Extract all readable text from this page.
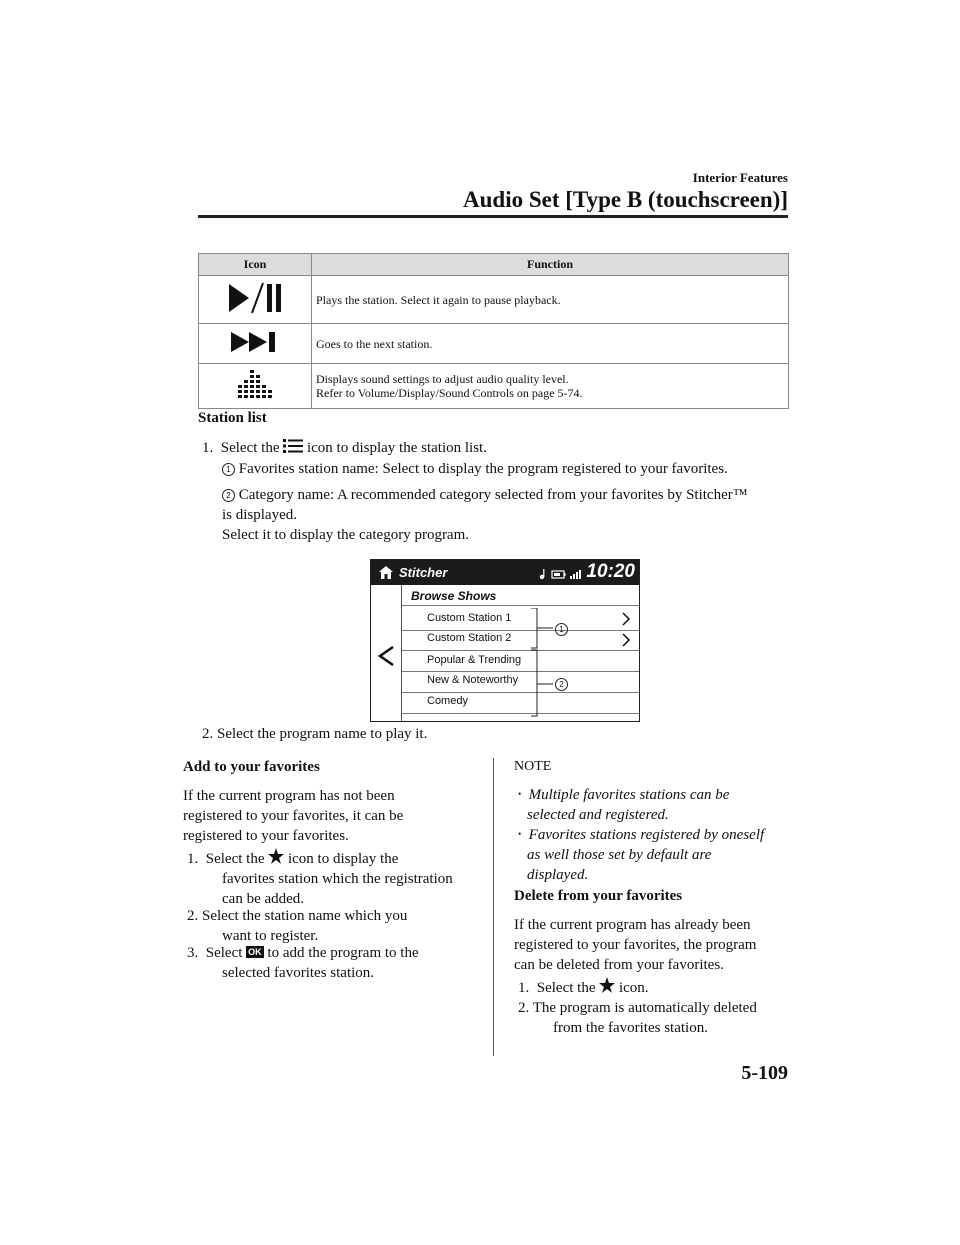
Interior Features
Audio Set [Type B (touchscreen)]
Icon	Function

Plays the station. Select it again to pause playback.

Goes to the next station.

Displays sound settings to adjust audio quality level.
Refer to Volume/Display/Sound Controls on page 5-74.
Station list
1. Select the icon to display the station list.
1 Favorites station name: Select to display the program registered to your favorites.
2 Category name: A recommended category selected from your favorites by Stitcher™
is displayed.
Select it to display the category program.
Stitcher	10:20
Browse Shows
Custom Station 1
Custom Station 2
Popular & Trending
New & Noteworthy
Comedy
1
2
2. Select the program name to play it.
Add to your favorites
If the current program has not been
registered to your favorites, it can be
registered to your favorites.
1. Select the icon to display the
favorites station which the registration
can be added.
2. Select the station name which you
want to register.
3. Select OK to add the program to the
selected favorites station.
NOTE
• Multiple favorites stations can be
selected and registered.
• Favorites stations registered by oneself
as well those set by default are
displayed.
Delete from your favorites
If the current program has already been
registered to your favorites, the program
can be deleted from your favorites.
1. Select the icon.
2. The program is automatically deleted
from the favorites station.
5-109
